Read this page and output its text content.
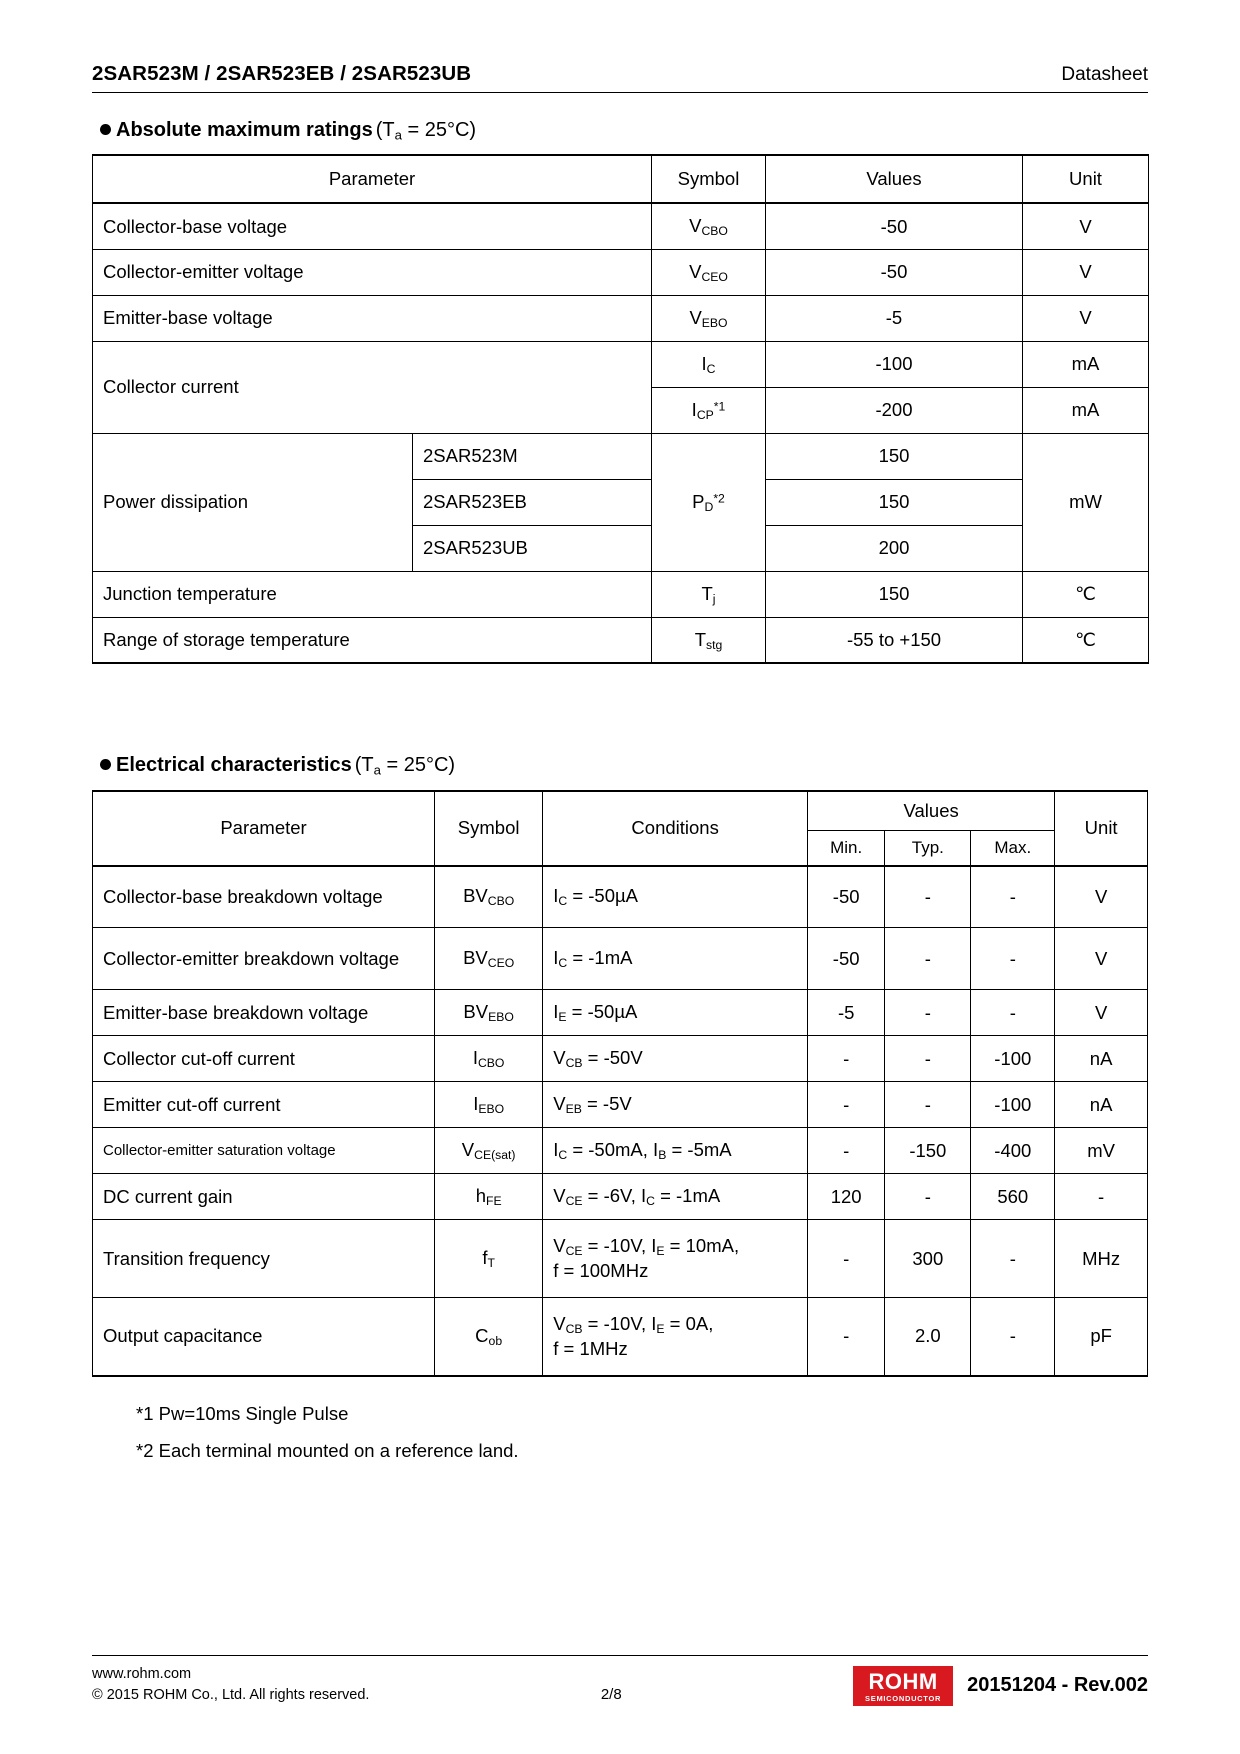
2SAR523M / 2SAR523EB / 2SAR523UB	Datasheet
Absolute maximum ratings $(T_a = 25^\circ C)$
Parameter		Symbol	Values	Unit
Collector-base voltage		$V_{CBO}$	-50	V
Collector-emitter voltage		$V_{CEO}$	-50	V
Emitter-base voltage		$V_{EBO}$	-5	V
Collector current		$I_C$	-100	mA
		$I_{CP}^{*1}$	-200	mA
Power dissipation	2SAR523M	$P_D^{*2}$	150	mW
	2SAR523EB		150	
	2SAR523UB		200	
Junction temperature		$T_j$	150	℃
Range of storage temperature		$T_{stg}$	-55 to +150	℃
Electrical characteristics $(T_a = 25^\circ C)$
Parameter	Symbol	Conditions	Values			Unit
			Min.	Typ.	Max.	
Collector-base breakdown voltage	$BV_{CBO}$	$I_C = -50\mu A$	-50	-	-	V
Collector-emitter breakdown voltage	$BV_{CEO}$	$I_C = -1mA$	-50	-	-	V
Emitter-base breakdown voltage	$BV_{EBO}$	$I_E = -50\mu A$	-5	-	-	V
Collector cut-off current	$I_{CBO}$	$V_{CB} = -50V$	-	-	-100	nA
Emitter cut-off current	$I_{EBO}$	$V_{EB} = -5V$	-	-	-100	nA
Collector-emitter saturation voltage	$V_{CE(sat)}$	$I_C = -50mA$, $I_B = -5mA$	-	-150	-400	mV
DC current gain	$h_{FE}$	$V_{CE} = -6V$, $I_C = -1mA$	120	-	560	-
Transition frequency	$f_T$	$V_{CE} = -10V$, $I_E = 10mA$,
f = 100MHz	-	300	-	MHz
Output capacitance	$C_{ob}$	$V_{CB} = -10V$, $I_E = 0A$,
f = 1MHz	-	2.0	-	pF
*1 Pw=10ms Single Pulse
*2 Each terminal mounted on a reference land.
www.rohm.com
© 2015 ROHM Co., Ltd. All rights reserved.	2/8
ROHM
SEMICONDUCTOR
20151204 - Rev.002
